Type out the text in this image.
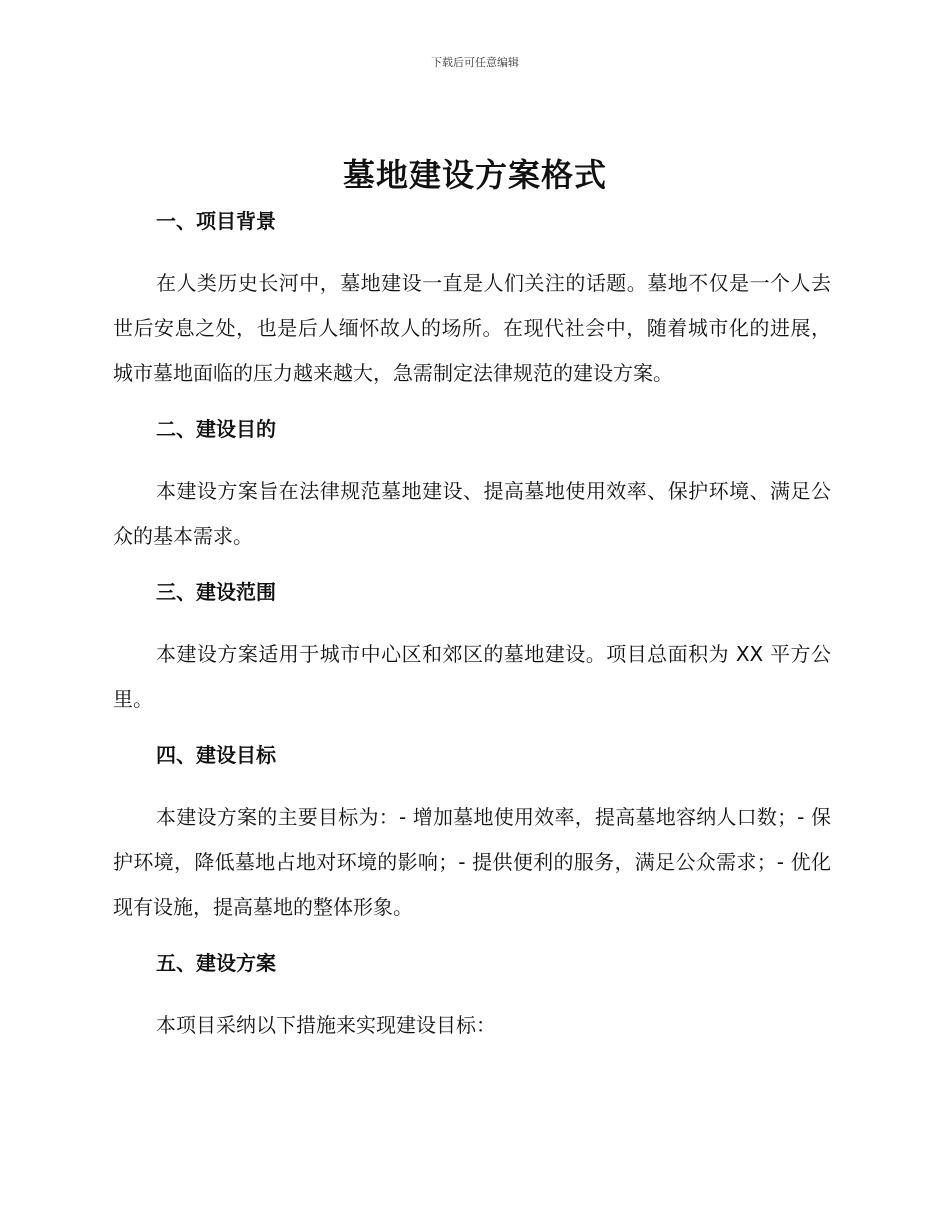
下载后可任意编辑
墓地建设方案格式
一、项目背景

在人类历史长河中，墓地建设一直是人们关注的话题。墓地不仅是一个人去世后安息之处，也是后人缅怀故人的场所。在现代社会中，随着城市化的进展，城市墓地面临的压力越来越大，急需制定法律规范的建设方案。

二、建设目的

本建设方案旨在法律规范墓地建设、提高墓地使用效率、保护环境、满足公众的基本需求。

三、建设范围

本建设方案适用于城市中心区和郊区的墓地建设。项目总面积为 XX 平方公里。

四、建设目标

本建设方案的主要目标为：- 增加墓地使用效率，提高墓地容纳人口数；- 保护环境，降低墓地占地对环境的影响；- 提供便利的服务，满足公众需求；- 优化现有设施，提高墓地的整体形象。

五、建设方案

本项目采纳以下措施来实现建设目标：
